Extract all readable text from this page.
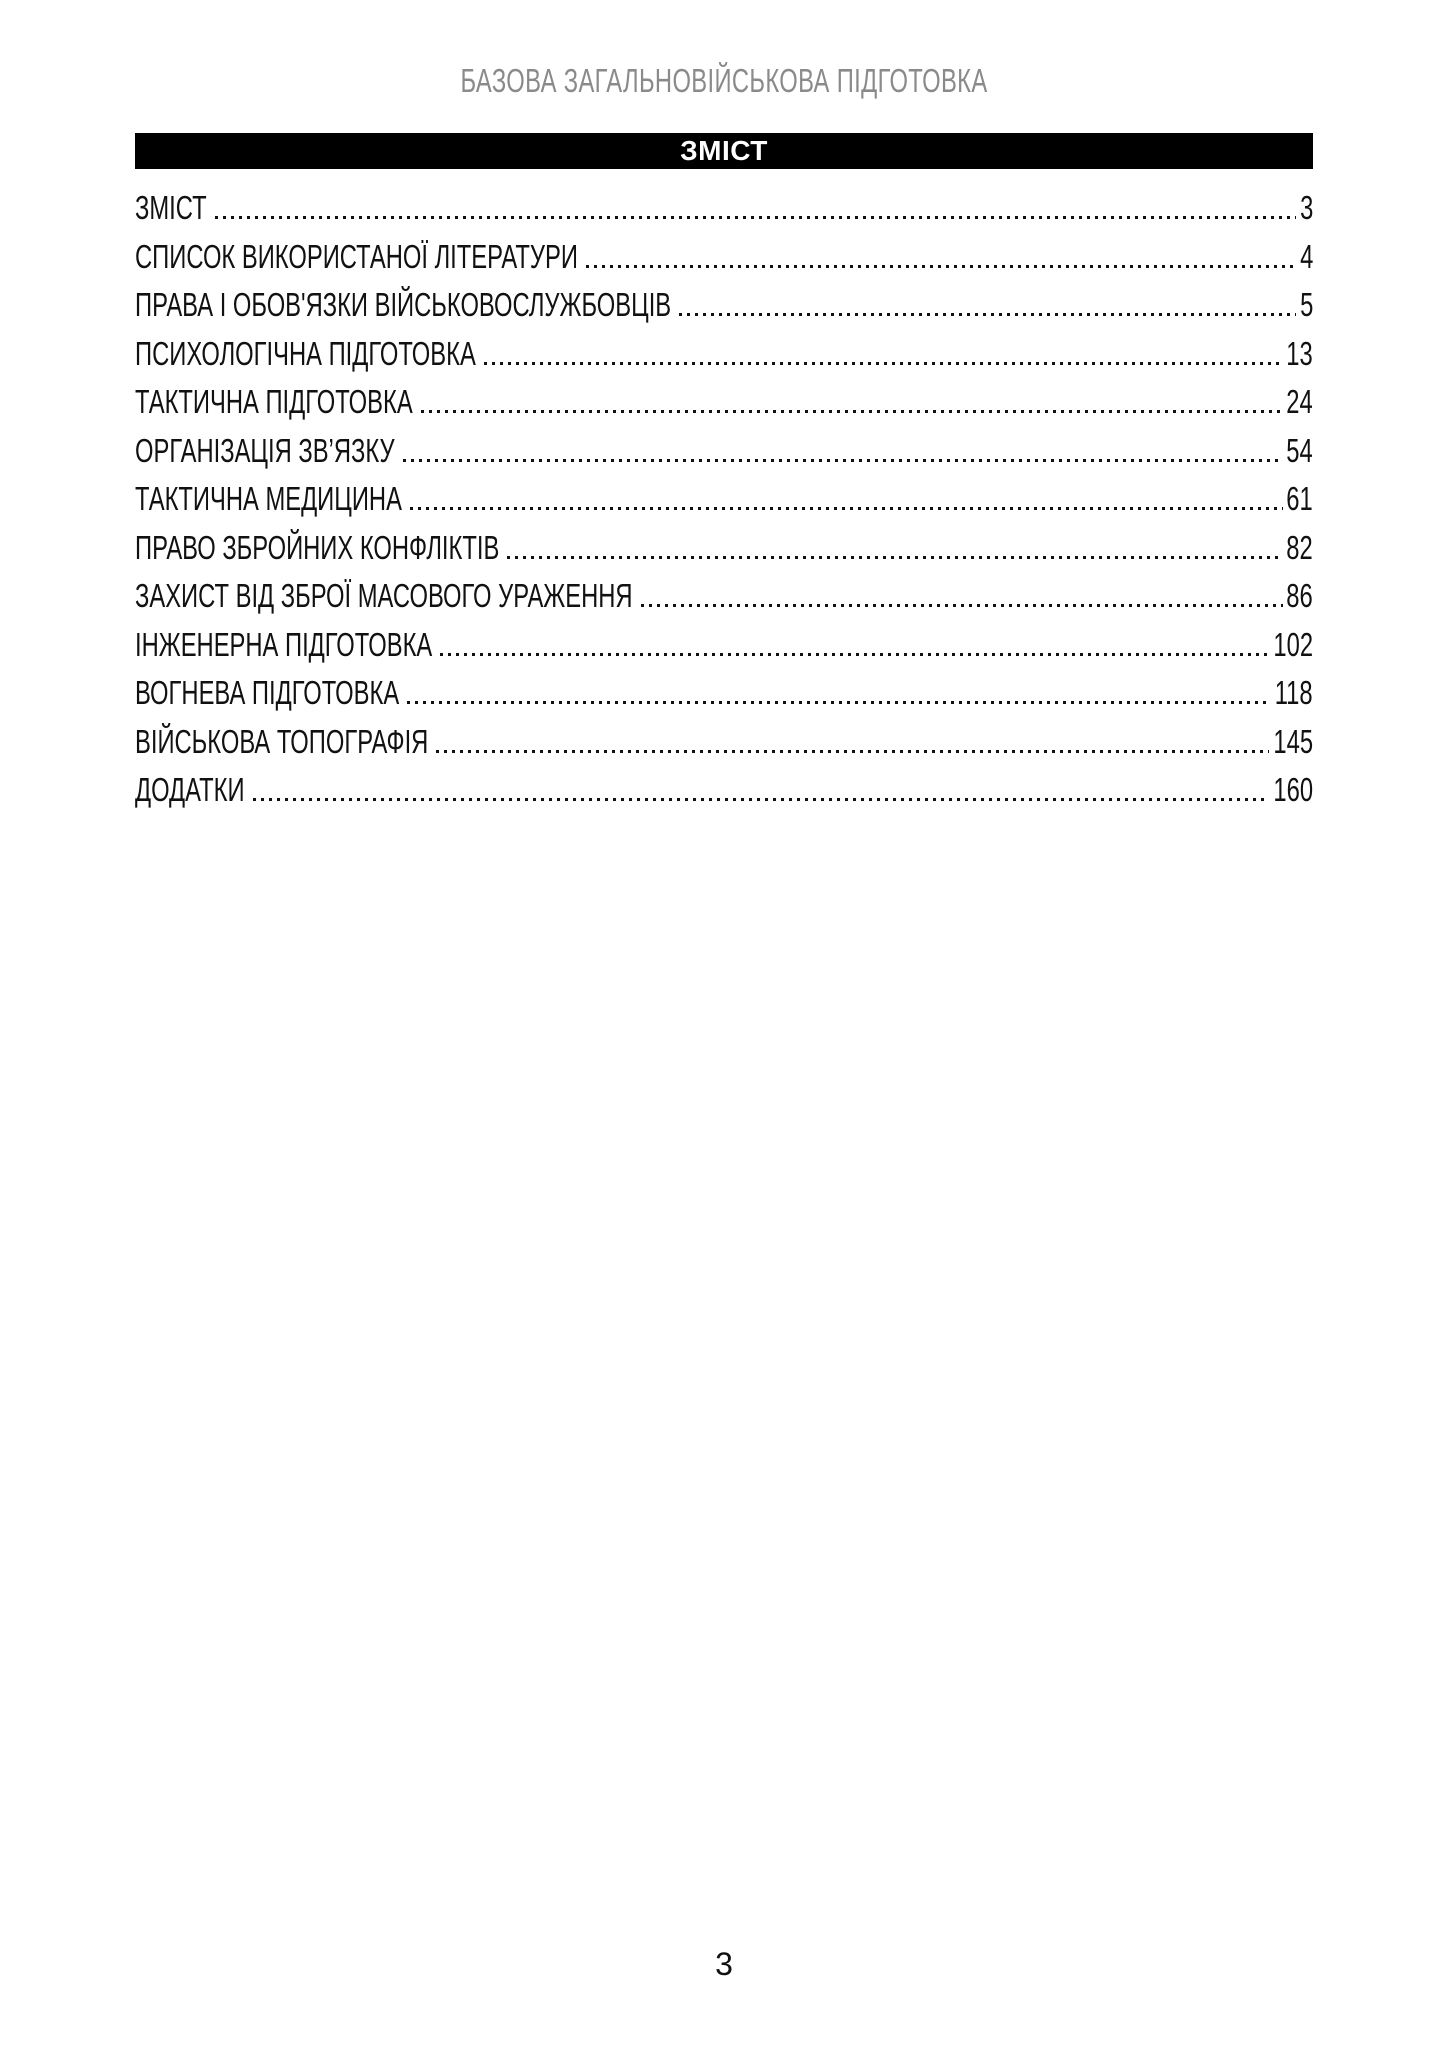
БАЗОВА ЗАГАЛЬНОВІЙСЬКОВА ПІДГОТОВКА
ЗМІСТ
ЗМІСТ	3
СПИСОК ВИКОРИСТАНОЇ ЛІТЕРАТУРИ	4
ПРАВА І ОБОВ'ЯЗКИ ВІЙСЬКОВОСЛУЖБОВЦІВ	5
ПСИХОЛОГІЧНА ПІДГОТОВКА	13
ТАКТИЧНА ПІДГОТОВКА	24
ОРГАНІЗАЦІЯ ЗВ’ЯЗКУ	54
ТАКТИЧНА МЕДИЦИНА	61
ПРАВО ЗБРОЙНИХ КОНФЛІКТІВ	82
ЗАХИСТ ВІД ЗБРОЇ МАСОВОГО УРАЖЕННЯ	86
ІНЖЕНЕРНА ПІДГОТОВКА	102
ВОГНЕВА ПІДГОТОВКА	118
ВІЙСЬКОВА ТОПОГРАФІЯ	145
ДОДАТКИ	160
3
